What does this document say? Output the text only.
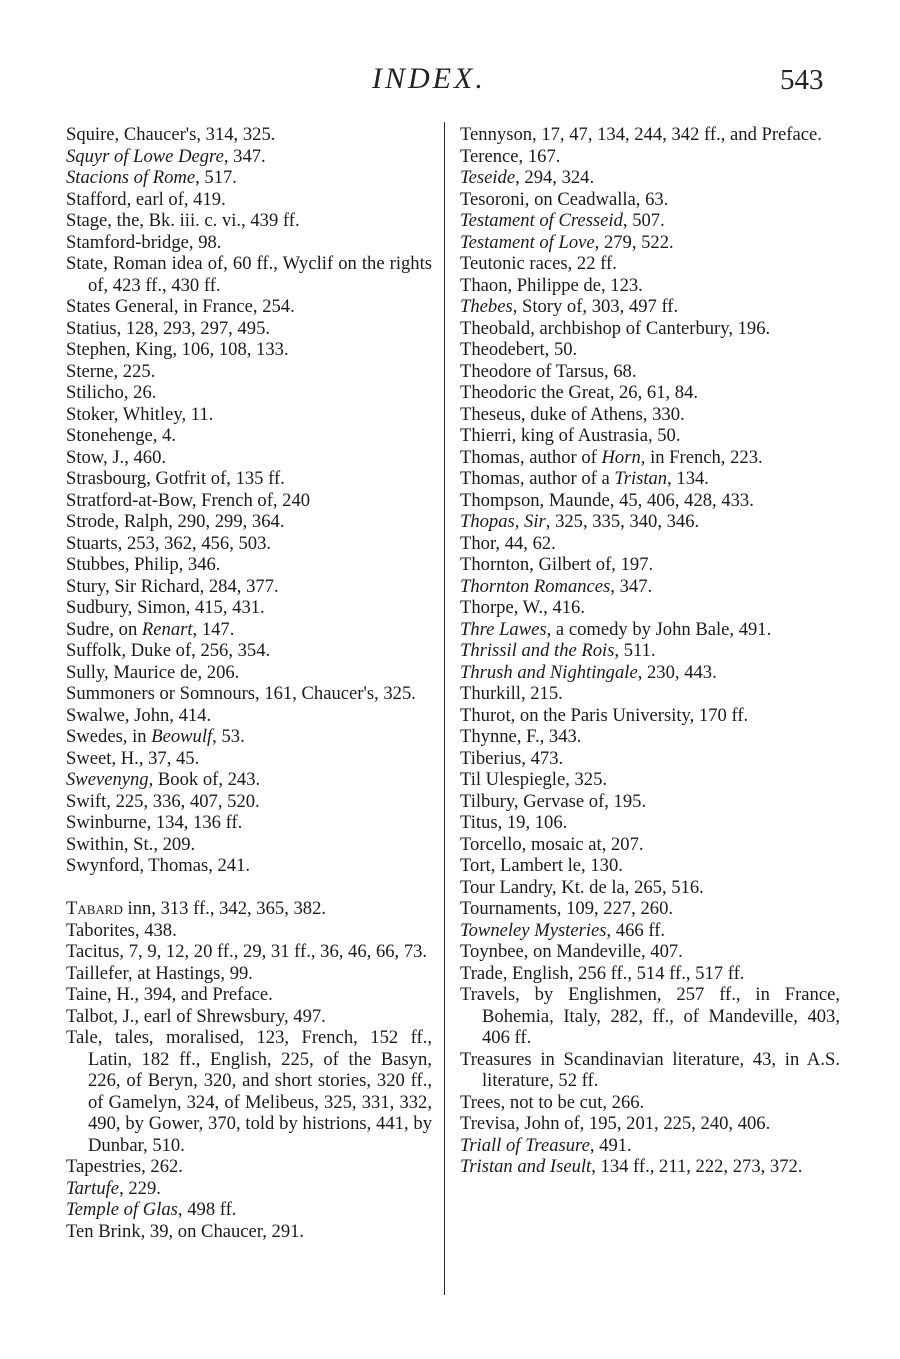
INDEX.	543
Squire, Chaucer's, 314, 325.
Squyr of Lowe Degre, 347.
Stacions of Rome, 517.
Stafford, earl of, 419.
Stage, the, Bk. iii. c. vi., 439 ff.
Stamford-bridge, 98.
State, Roman idea of, 60 ff., Wyclif on the rights of, 423 ff., 430 ff.
States General, in France, 254.
Statius, 128, 293, 297, 495.
Stephen, King, 106, 108, 133.
Sterne, 225.
Stilicho, 26.
Stoker, Whitley, 11.
Stonehenge, 4.
Stow, J., 460.
Strasbourg, Gotfrit of, 135 ff.
Stratford-at-Bow, French of, 240
Strode, Ralph, 290, 299, 364.
Stuarts, 253, 362, 456, 503.
Stubbes, Philip, 346.
Stury, Sir Richard, 284, 377.
Sudbury, Simon, 415, 431.
Sudre, on Renart, 147.
Suffolk, Duke of, 256, 354.
Sully, Maurice de, 206.
Summoners or Somnours, 161, Chaucer's, 325.
Swalwe, John, 414.
Swedes, in Beowulf, 53.
Sweet, H., 37, 45.
Swevenyng, Book of, 243.
Swift, 225, 336, 407, 520.
Swinburne, 134, 136 ff.
Swithin, St., 209.
Swynford, Thomas, 241.
Tabard inn, 313 ff., 342, 365, 382.
Taborites, 438.
Tacitus, 7, 9, 12, 20 ff., 29, 31 ff., 36, 46, 66, 73.
Taillefer, at Hastings, 99.
Taine, H., 394, and Preface.
Talbot, J., earl of Shrewsbury, 497.
Tale, tales, moralised, 123, French, 152 ff., Latin, 182 ff., English, 225, of the Basyn, 226, of Beryn, 320, and short stories, 320 ff., of Gamelyn, 324, of Melibeus, 325, 331, 332, 490, by Gower, 370, told by histrions, 441, by Dunbar, 510.
Tapestries, 262.
Tartufe, 229.
Temple of Glas, 498 ff.
Ten Brink, 39, on Chaucer, 291.
Tennyson, 17, 47, 134, 244, 342 ff., and Preface.
Terence, 167.
Teseide, 294, 324.
Tesoroni, on Ceadwalla, 63.
Testament of Cresseid, 507.
Testament of Love, 279, 522.
Teutonic races, 22 ff.
Thaon, Philippe de, 123.
Thebes, Story of, 303, 497 ff.
Theobald, archbishop of Canterbury, 196.
Theodebert, 50.
Theodore of Tarsus, 68.
Theodoric the Great, 26, 61, 84.
Theseus, duke of Athens, 330.
Thierri, king of Austrasia, 50.
Thomas, author of Horn, in French, 223.
Thomas, author of a Tristan, 134.
Thompson, Maunde, 45, 406, 428, 433.
Thopas, Sir, 325, 335, 340, 346.
Thor, 44, 62.
Thornton, Gilbert of, 197.
Thornton Romances, 347.
Thorpe, W., 416.
Thre Lawes, a comedy by John Bale, 491.
Thrissil and the Rois, 511.
Thrush and Nightingale, 230, 443.
Thurkill, 215.
Thurot, on the Paris University, 170 ff.
Thynne, F., 343.
Tiberius, 473.
Til Ulespiegle, 325.
Tilbury, Gervase of, 195.
Titus, 19, 106.
Torcello, mosaic at, 207.
Tort, Lambert le, 130.
Tour Landry, Kt. de la, 265, 516.
Tournaments, 109, 227, 260.
Towneley Mysteries, 466 ff.
Toynbee, on Mandeville, 407.
Trade, English, 256 ff., 514 ff., 517 ff.
Travels, by Englishmen, 257 ff., in France, Bohemia, Italy, 282, ff., of Mandeville, 403, 406 ff.
Treasures in Scandinavian literature, 43, in A.S. literature, 52 ff.
Trees, not to be cut, 266.
Trevisa, John of, 195, 201, 225, 240, 406.
Triall of Treasure, 491.
Tristan and Iseult, 134 ff., 211, 222, 273, 372.
